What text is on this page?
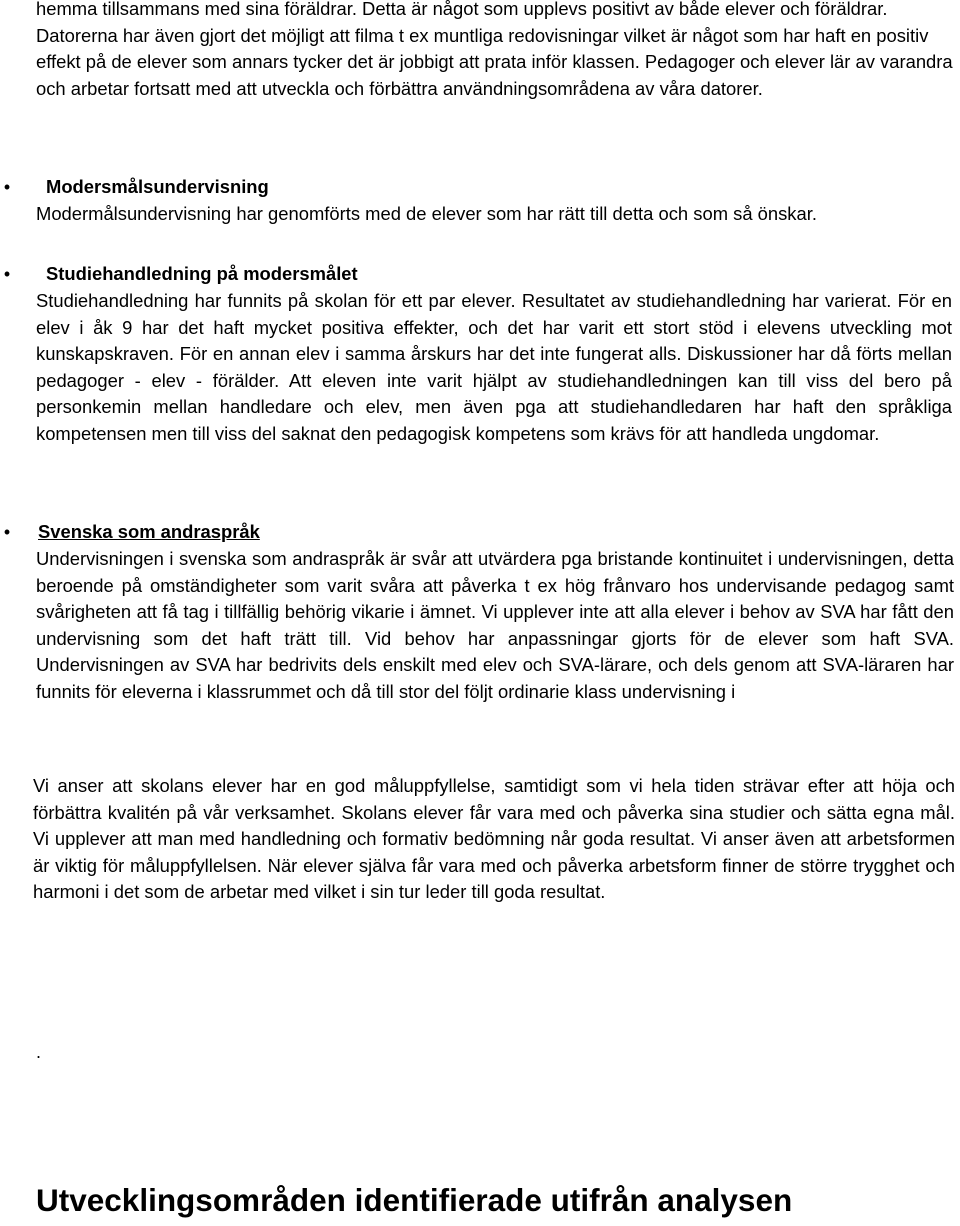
hemma tillsammans med sina föräldrar. Detta är något som upplevs positivt av både elever och föräldrar. Datorerna har även gjort det möjligt att filma t ex muntliga redovisningar vilket är något som har haft en positiv effekt på de elever som annars tycker det är jobbigt att prata inför klassen. Pedagoger och elever lär av varandra och arbetar fortsatt med att utveckla och förbättra användningsområdena av våra datorer.

• Modersmålsundervisning

Modermålsundervisning har genomförts med de elever som har rätt till detta och som så önskar.

• Studiehandledning på modersmålet

Studiehandledning har funnits på skolan för ett par elever. Resultatet av studiehandledning har varierat. För en elev i åk 9 har det haft mycket positiva effekter, och det har varit ett stort stöd i elevens utveckling mot kunskapskraven. För en annan elev i samma årskurs har det inte fungerat alls. Diskussioner har då förts mellan pedagoger - elev - förälder. Att eleven inte varit hjälpt av studiehandledningen kan till viss del bero på personkemin mellan handledare och elev, men även pga att studiehandledaren har haft den språkliga kompetensen men till viss del saknat den pedagogisk kompetens som krävs för att handleda ungdomar.

• Svenska som andraspråk

Undervisningen i svenska som andraspråk är svår att utvärdera pga bristande kontinuitet i undervisningen, detta beroende på omständigheter som varit svåra att påverka t ex hög frånvaro hos undervisande pedagog samt svårigheten att få tag i tillfällig behörig vikarie i ämnet. Vi upplever inte att alla elever i behov av SVA har fått den undervisning som det haft trätt till. Vid behov har anpassningar gjorts för de elever som haft SVA. Undervisningen av SVA har bedrivits dels enskilt med elev och SVA-lärare, och dels genom att SVA-läraren har funnits för eleverna i klassrummet och då till stor del följt ordinarie klass undervisning i

Vi anser att skolans elever har en god måluppfyllelse, samtidigt som vi hela tiden strävar efter att höja och förbättra kvalitén på vår verksamhet. Skolans elever får vara med och påverka sina studier och sätta egna mål. Vi upplever att man med handledning och formativ bedömning når goda resultat. Vi anser även att arbetsformen är viktig för måluppfyllelsen. När elever själva får vara med och påverka arbetsform finner de större trygghet och harmoni i det som de arbetar med vilket i sin tur leder till goda resultat.

.
Utvecklingsområden identifierade utifrån analysen
